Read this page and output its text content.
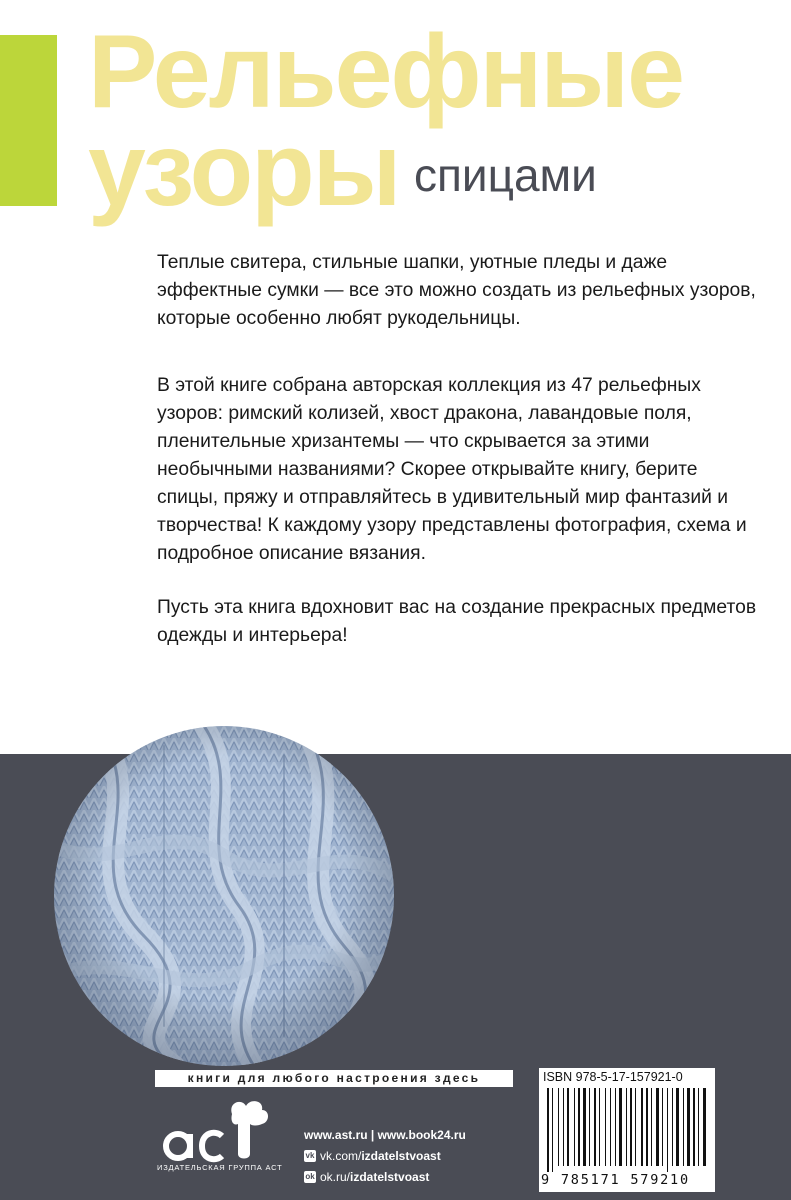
Рельефные
узоры спицами

Теплые свитера, стильные шапки, уютные пледы и даже эффектные сумки — все это можно создать из рельефных узоров, которые особенно любят рукодельницы.

В этой книге собрана авторская коллекция из 47 рельефных узоров: римский колизей, хвост дракона, лавандовые поля, пленительные хризантемы — что скрывается за этими необычными названиями? Скорее открывайте книгу, берите спицы, пряжу и отправляйтесь в удивительный мир фантазий и творчества! К каждому узору представлены фотография, схема и подробное описание вязания.

Пусть эта книга вдохновит вас на создание прекрасных предметов одежды и интерьера!

книги для любого настроения здесь
ИЗДАТЕЛЬСКАЯ ГРУППА АСТ
www.ast.ru | www.book24.ru
vk vk.com/ izdatelstvoast
ok ok.ru/ izdatelstvoast
ISBN 978-5-17-157921-0
9 785171 579210
